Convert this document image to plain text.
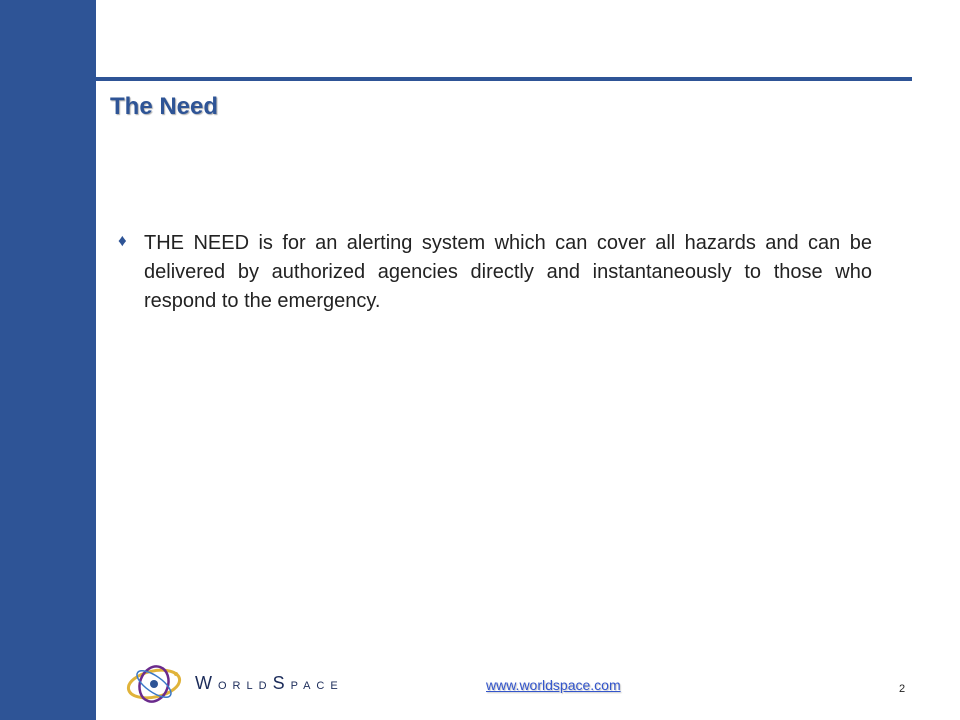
The Need
♦ THE NEED is for an alerting system which can cover all hazards and can be delivered by authorized agencies directly and instantaneously to those who respond to the emergency.

WORLDSPACE	www.worldspace.com	2
